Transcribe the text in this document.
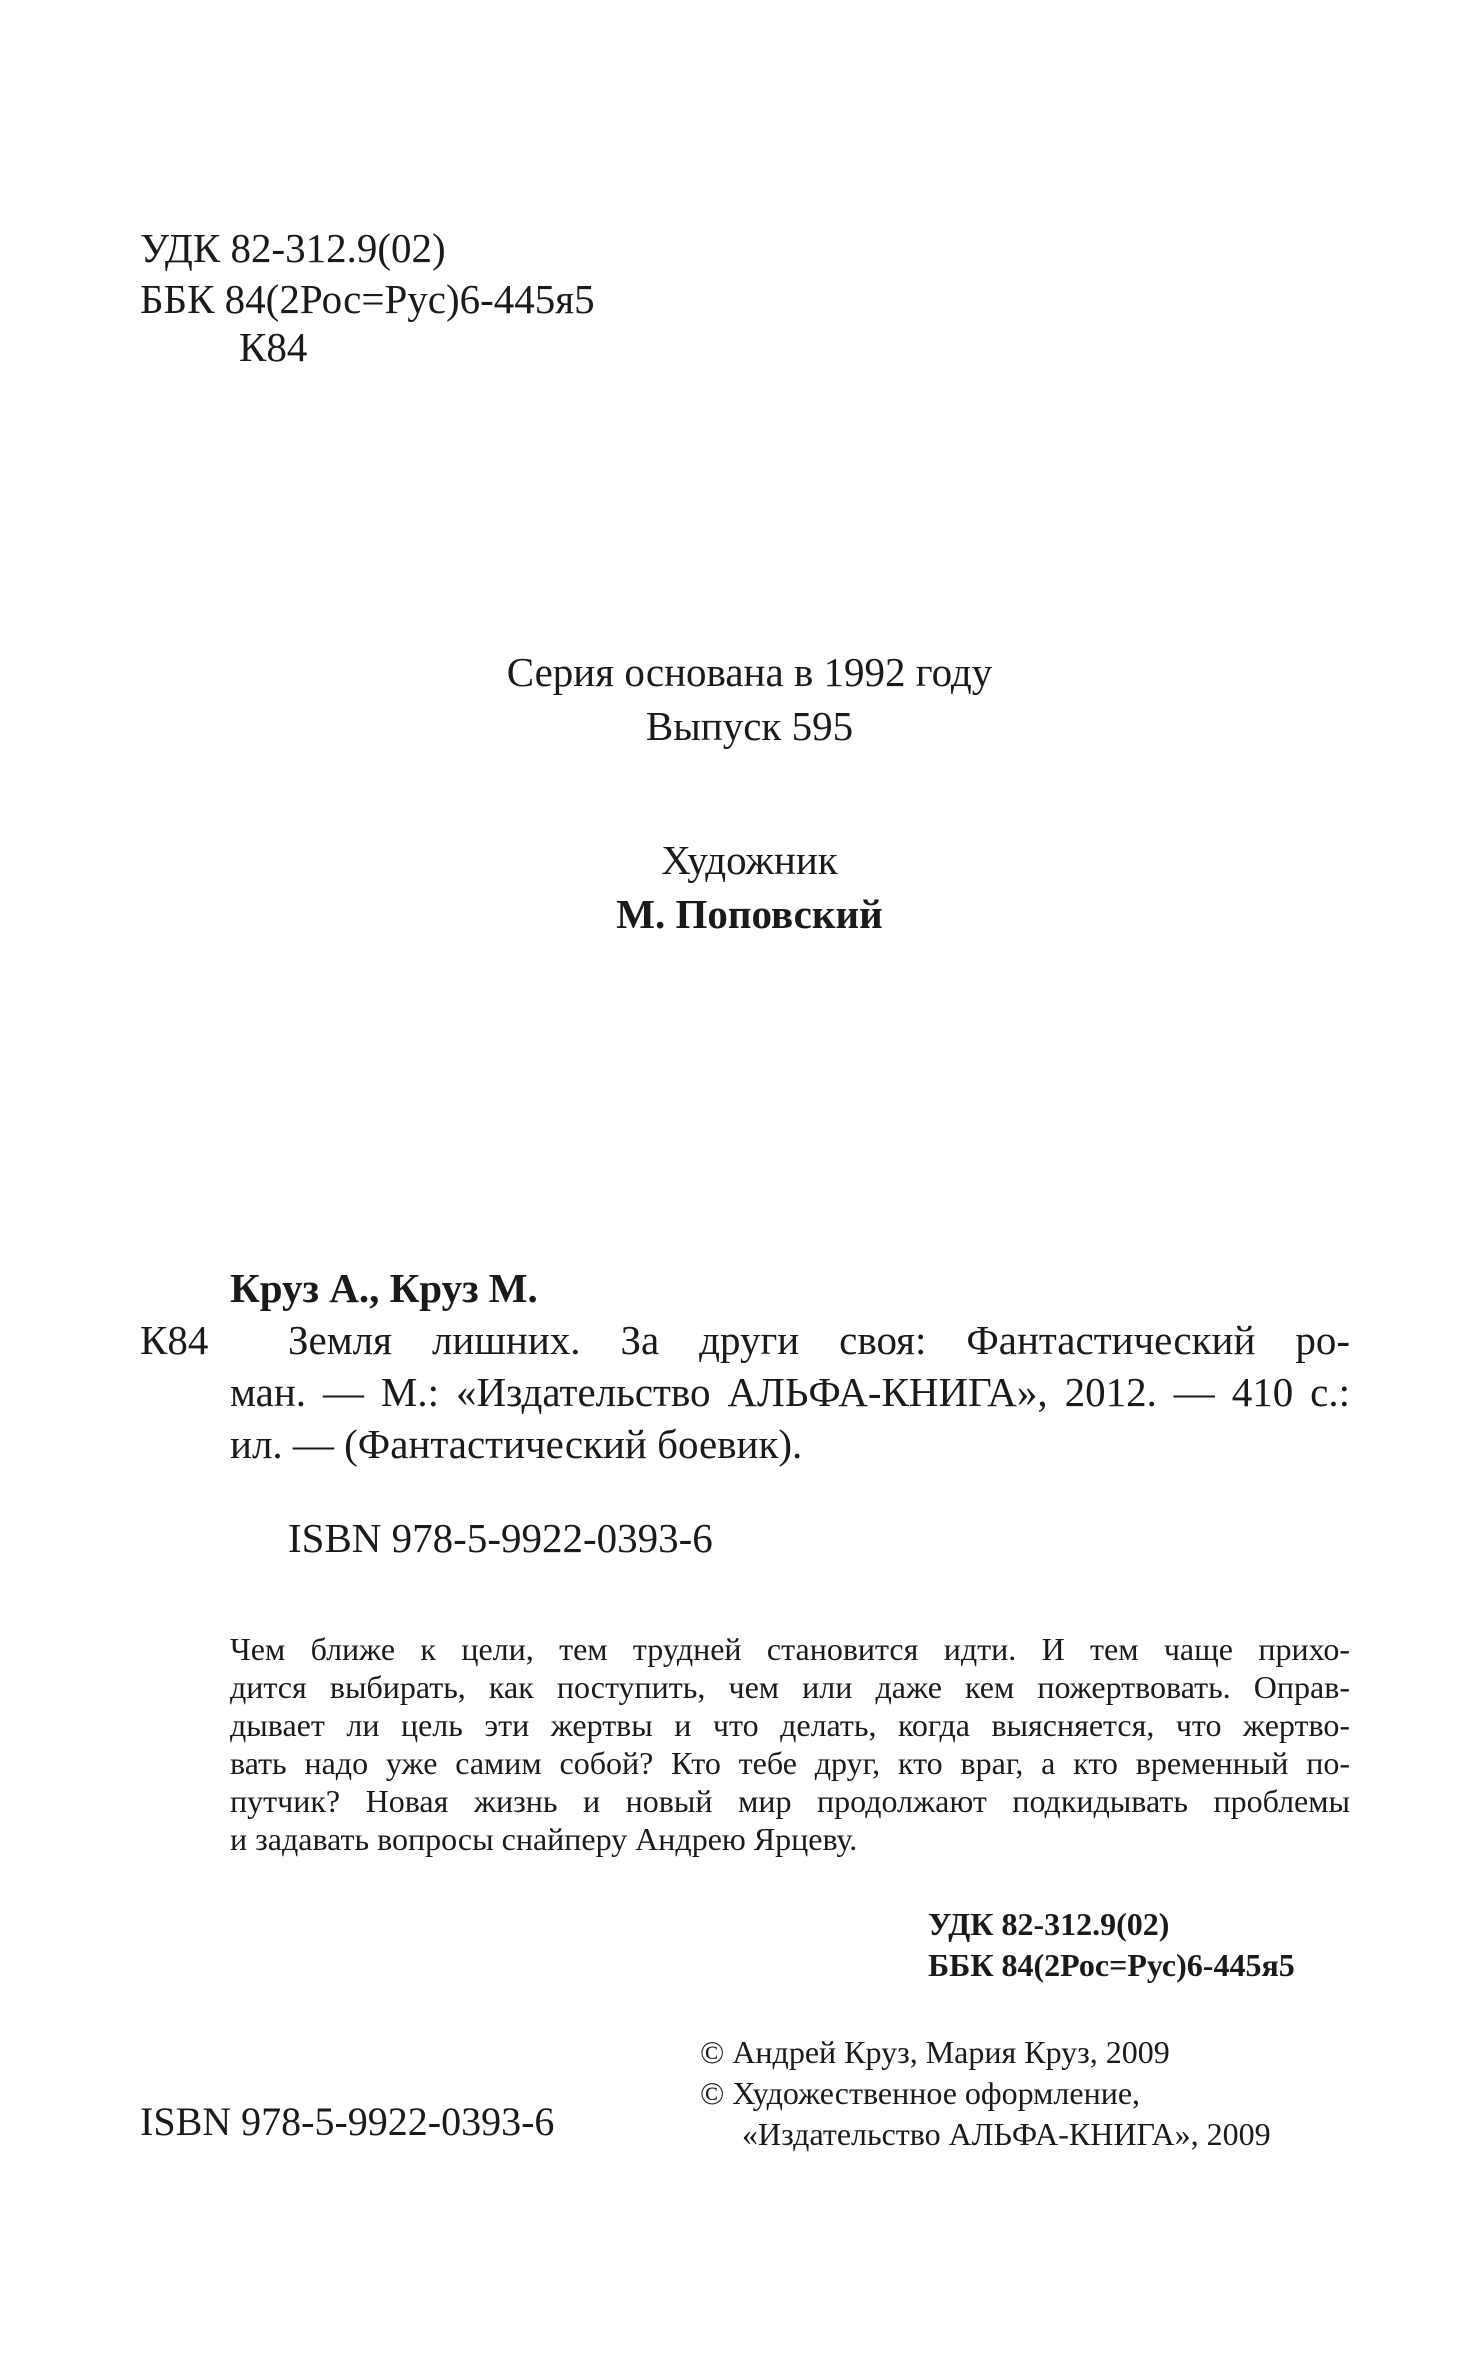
УДК 82-312.9(02)
ББК 84(2Рос=Рус)6-445я5
К84
Серия основана в 1992 году
Выпуск 595
Художник
М. Поповский
Круз А., Круз М.
К84 Земля лишних. За други своя: Фантастический ро-
ман. — М.: «Издательство АЛЬФА-КНИГА», 2012. — 410 с.:
ил. — (Фантастический боевик).
ISBN 978-5-9922-0393-6
Чем ближе к цели, тем трудней становится идти. И тем чаще прихо-
дится выбирать, как поступить, чем или даже кем пожертвовать. Оправ-
дывает ли цель эти жертвы и что делать, когда выясняется, что жертво-
вать надо уже самим собой? Кто тебе друг, кто враг, а кто временный по-
путчик? Новая жизнь и новый мир продолжают подкидывать проблемы
и задавать вопросы снайперу Андрею Ярцеву.
УДК 82-312.9(02)
ББК 84(2Рос=Рус)6-445я5
© Андрей Круз, Мария Круз, 2009
© Художественное оформление,
«Издательство АЛЬФА-КНИГА», 2009
ISBN 978-5-9922-0393-6
